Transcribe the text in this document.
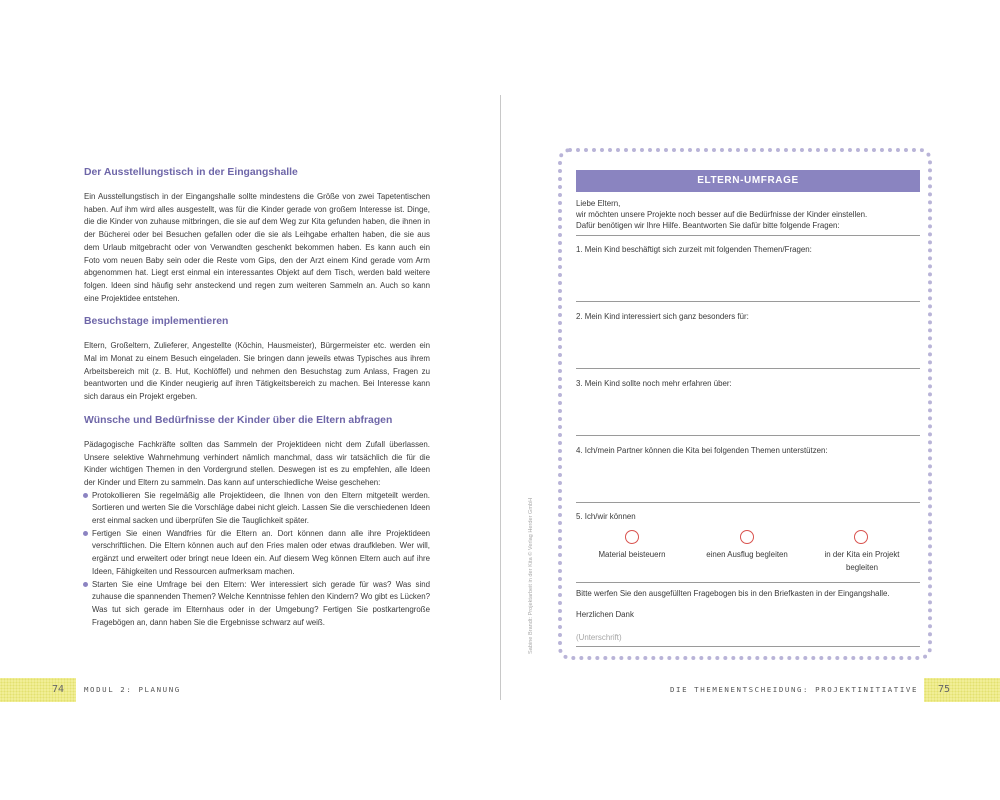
Der Ausstellungstisch in der Eingangshalle

Ein Ausstellungstisch in der Eingangshalle sollte mindestens die Größe von zwei Tapetentischen haben. Auf ihm wird alles ausgestellt, was für die Kinder gerade von großem Interesse ist. Dinge, die die Kinder von zuhause mitbringen, die sie auf dem Weg zur Kita gefunden haben, die ihnen in der Bücherei oder bei Besuchen gefallen oder die sie als Leihgabe erhalten haben, die sie aus dem Urlaub mitgebracht oder von Verwandten geschenkt bekommen haben. Es kann auch ein Foto vom neuen Baby sein oder die Reste vom Gips, den der Arzt einem Kind gerade vom Arm abgenommen hat. Liegt erst einmal ein interessantes Objekt auf dem Tisch, werden bald weitere folgen. Ideen sind häufig sehr ansteckend und regen zum weiteren Sammeln an. Auch so kann eine Projektidee entstehen.

Besuchstage implementieren

Eltern, Großeltern, Zulieferer, Angestellte (Köchin, Hausmeister), Bürgermeister etc. werden ein Mal im Monat zu einem Besuch eingeladen. Sie bringen dann jeweils etwas Typisches aus ihrem Arbeitsbereich mit (z. B. Hut, Kochlöffel) und nehmen den Besuchstag zum Anlass, Fragen zu beantworten und die Kinder neugierig auf ihren Tätigkeitsbereich zu machen. Bei Interesse kann sich daraus ein Projekt ergeben.

Wünsche und Bedürfnisse der Kinder über die Eltern abfragen

Pädagogische Fachkräfte sollten das Sammeln der Projektideen nicht dem Zufall überlassen. Unsere selektive Wahrnehmung verhindert nämlich manchmal, dass wir tatsächlich die für die Kinder wichtigen Themen in den Vordergrund stellen. Deswegen ist es zu empfehlen, alle Ideen der Kinder und Eltern zu sammeln. Das kann auf unterschiedliche Weise geschehen:

Protokollieren Sie regelmäßig alle Projektideen, die Ihnen von den Eltern mitgeteilt werden. Sortieren und werten Sie die Vorschläge dabei nicht gleich. Lassen Sie die verschiedenen Ideen erst einmal sacken und überprüfen Sie die Tauglichkeit später.
Fertigen Sie einen Wandfries für die Eltern an. Dort können dann alle ihre Projektideen verschriftlichen. Die Eltern können auch auf den Fries malen oder etwas draufkleben. Wer will, ergänzt und erweitert oder bringt neue Ideen ein. Auf diesem Weg können Eltern auch auf ihre Ideen, Fähigkeiten und Ressourcen aufmerksam machen.
Starten Sie eine Umfrage bei den Eltern: Wer interessiert sich gerade für was? Was sind zuhause die spannenden Themen? Welche Kenntnisse fehlen den Kindern? Wo gibt es Lücken? Was tut sich gerade im Elternhaus oder in der Umgebung? Fertigen Sie postkartengroße Fragebögen an, dann haben Sie die Ergebnisse schwarz auf weiß.
74	MODUL 2: PLANUNG
Sabine Brandt: Projektarbeit in der Kita © Verlag Herder GmbH
ELTERN-UMFRAGE
Liebe Eltern,
wir möchten unsere Projekte noch besser auf die Bedürfnisse der Kinder einstellen.
Dafür benötigen wir Ihre Hilfe. Beantworten Sie dafür bitte folgende Fragen:
1. Mein Kind beschäftigt sich zurzeit mit folgenden Themen/Fragen:
2. Mein Kind interessiert sich ganz besonders für:
3. Mein Kind sollte noch mehr erfahren über:
4. Ich/mein Partner können die Kita bei folgenden Themen unterstützen:
5. Ich/wir können
Material beisteuern	einen Ausflug begleiten	in der Kita ein Projekt begleiten
Bitte werfen Sie den ausgefüllten Fragebogen bis in den Briefkasten in der Eingangshalle.
Herzlichen Dank
(Unterschrift)
DIE THEMENENTSCHEIDUNG: PROJEKTINITIATIVE	75
